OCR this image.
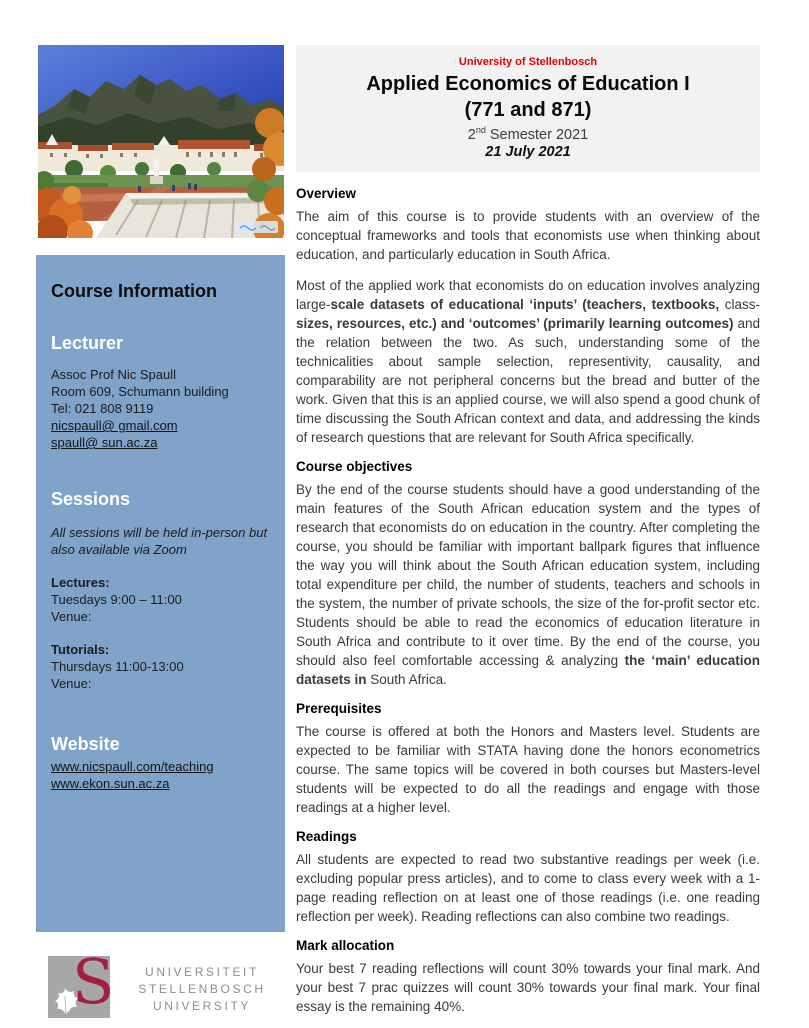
Course Information
Lecturer
Assoc Prof Nic Spaull
Room 609, Schumann building
Tel: 021 808 9119
nicspaull@ gmail.com
spaull@ sun.ac.za
Sessions
All sessions will be held in-person but also available via Zoom
Lectures:
Tuesdays 9:00 – 11:00
Venue:
Tutorials:
Thursdays 11:00-13:00
Venue:
Website
www.nicspaull.com/teaching
www.ekon.sun.ac.za
S	UNIVERSITEIT
STELLENBOSCH
UNIVERSITY
University of Stellenbosch
Applied Economics of Education I
(771 and 871)
2nd Semester 2021
21 July 2021
Overview
The aim of this course is to provide students with an overview of the conceptual frameworks and tools that economists use when thinking about education, and particularly education in South Africa.
Most of the applied work that economists do on education involves analyzing large-scale datasets of educational ‘inputs’ (teachers, textbooks, class-sizes, resources, etc.) and ‘outcomes’ (primarily learning outcomes) and the relation between the two. As such, understanding some of the technicalities about sample selection, representivity, causality, and comparability are not peripheral concerns but the bread and butter of the work. Given that this is an applied course, we will also spend a good chunk of time discussing the South African context and data, and addressing the kinds of research questions that are relevant for South Africa specifically.
Course objectives
By the end of the course students should have a good understanding of the main features of the South African education system and the types of research that economists do on education in the country. After completing the course, you should be familiar with important ballpark figures that influence the way you will think about the South African education system, including total expenditure per child, the number of students, teachers and schools in the system, the number of private schools, the size of the for-profit sector etc. Students should be able to read the economics of education literature in South Africa and contribute to it over time. By the end of the course, you should also feel comfortable accessing & analyzing the ‘main’ education datasets in South Africa.
Prerequisites
The course is offered at both the Honors and Masters level. Students are expected to be familiar with STATA having done the honors econometrics course. The same topics will be covered in both courses but Masters-level students will be expected to do all the readings and engage with those readings at a higher level.
Readings
All students are expected to read two substantive readings per week (i.e. excluding popular press articles), and to come to class every week with a 1-page reading reflection on at least one of those readings (i.e. one reading reflection per week). Reading reflections can also combine two readings.
Mark allocation
Your best 7 reading reflections will count 30% towards your final mark. And your best 7 prac quizzes will count 30% towards your final mark. Your final essay is the remaining 40%.
